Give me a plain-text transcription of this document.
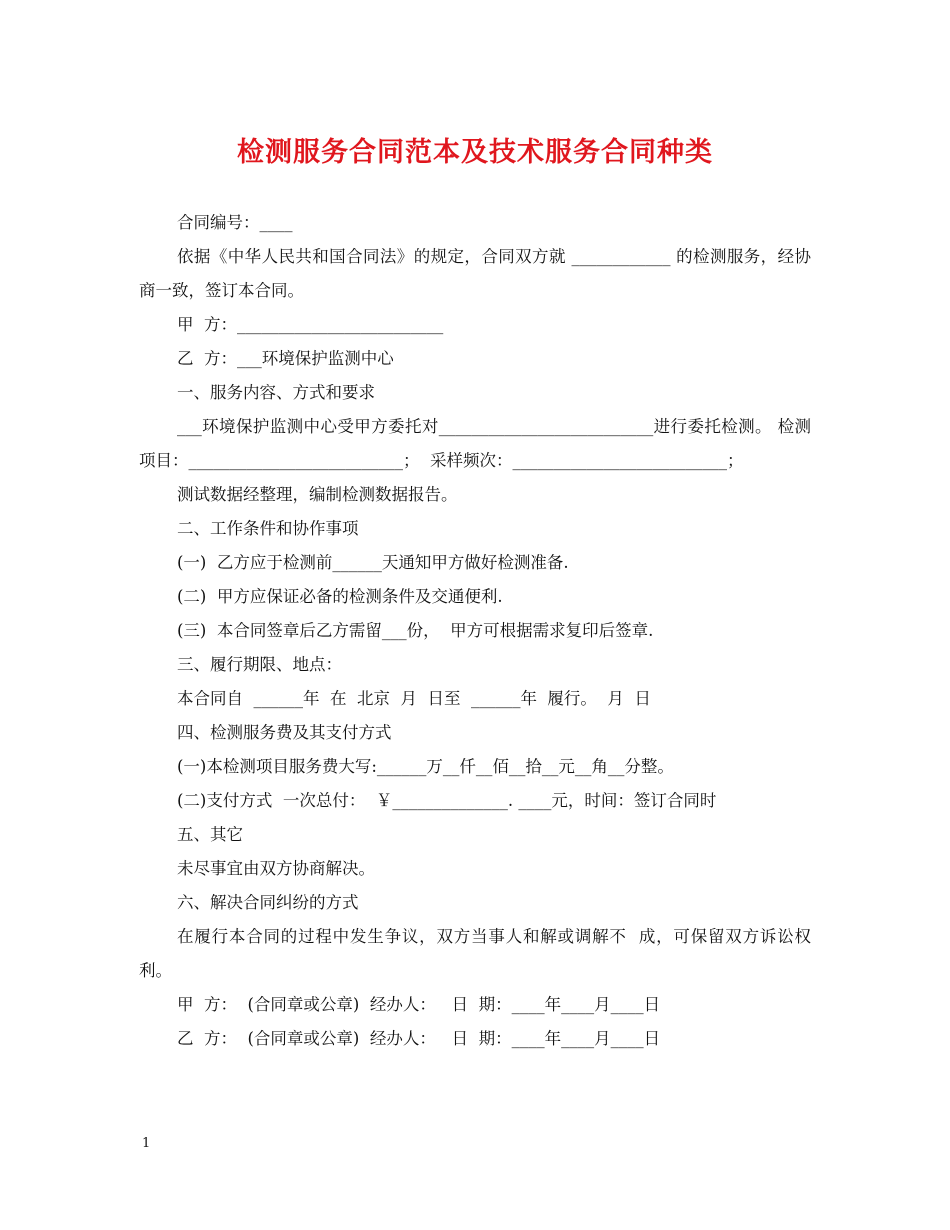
检测服务合同范本及技术服务合同种类

合同编号：____

依据《中华人民共和国合同法》的规定，合同双方就 ____________ 的检测服务，经协商一致，签订本合同。

甲  方：_________________________

乙  方：___环境保护监测中心

一、服务内容、方式和要求

___环境保护监测中心受甲方委托对__________________________进行委托检测。 检测项目：__________________________；  采样频次：__________________________；

测试数据经整理，编制检测数据报告。

二、工作条件和协作事项

(一)  乙方应于检测前______天通知甲方做好检测准备.

(二)  甲方应保证必备的检测条件及交通便利.

(三)  本合同签章后乙方需留___份，  甲方可根据需求复印后签章.

三、履行期限、地点：

本合同自  ______年  在  北京  月  日至  ______年  履行。  月  日

四、检测服务费及其支付方式

(一)本检测项目服务费大写:______万__仟__佰__拾__元__角__分整。

(二)支付方式  一次总付：  ￥______________. ____元，时间：签订合同时

五、其它

未尽事宜由双方协商解决。

六、解决合同纠纷的方式

在履行本合同的过程中发生争议，双方当事人和解或调解不  成，可保留双方诉讼权利。

甲  方：  (合同章或公章)  经办人：   日  期：____年____月____日

乙  方：  (合同章或公章)  经办人：   日  期：____年____月____日

1
